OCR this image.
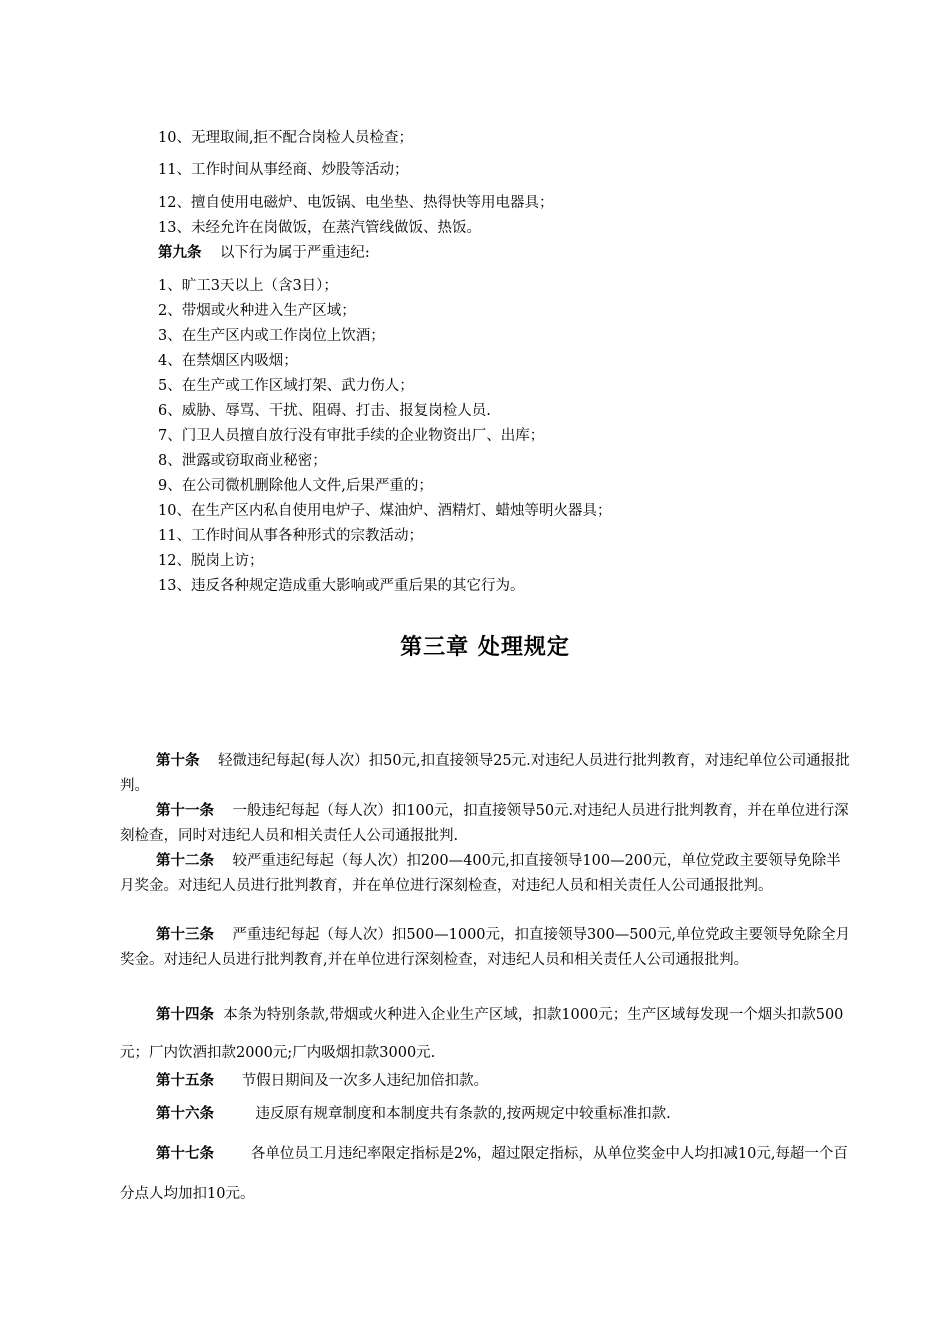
10、无理取闹,拒不配合岗检人员检查；
11、工作时间从事经商、炒股等活动；
12、擅自使用电磁炉、电饭锅、电坐垫、热得快等用电器具；
13、未经允许在岗做饭，在蒸汽管线做饭、热饭。
第九条 以下行为属于严重违纪:
1、旷工3天以上（含3日）；
2、带烟或火种进入生产区域；
3、在生产区内或工作岗位上饮酒；
4、在禁烟区内吸烟；
5、在生产或工作区域打架、武力伤人；
6、威胁、辱骂、干扰、阻碍、打击、报复岗检人员.
7、门卫人员擅自放行没有审批手续的企业物资出厂、出库；
8、泄露或窃取商业秘密；
9、在公司微机删除他人文件,后果严重的；
10、在生产区内私自使用电炉子、煤油炉、酒精灯、蜡烛等明火器具；
11、工作时间从事各种形式的宗教活动；
12、脱岗上访；
13、违反各种规定造成重大影响或严重后果的其它行为。
第三章 处理规定
第十条 轻微违纪每起(每人次）扣50元,扣直接领导25元.对违纪人员进行批判教育，对违纪单位公司通报批判。
第十一条 一般违纪每起（每人次）扣100元，扣直接领导50元.对违纪人员进行批判教育，并在单位进行深刻检查，同时对违纪人员和相关责任人公司通报批判.
第十二条 较严重违纪每起（每人次）扣200—400元,扣直接领导100—200元，单位党政主要领导免除半月奖金。对违纪人员进行批判教育，并在单位进行深刻检查，对违纪人员和相关责任人公司通报批判。
第十三条 严重违纪每起（每人次）扣500—1000元，扣直接领导300—500元,单位党政主要领导免除全月奖金。对违纪人员进行批判教育,并在单位进行深刻检查，对违纪人员和相关责任人公司通报批判。
第十四条 本条为特别条款,带烟或火种进入企业生产区域，扣款1000元；生产区域每发现一个烟头扣款500元；厂内饮酒扣款2000元;厂内吸烟扣款3000元.
第十五条 节假日期间及一次多人违纪加倍扣款。
第十六条	违反原有规章制度和本制度共有条款的,按两规定中较重标准扣款.
第十七条	各单位员工月违纪率限定指标是2%，超过限定指标，从单位奖金中人均扣减10元,每超一个百分点人均加扣10元。
